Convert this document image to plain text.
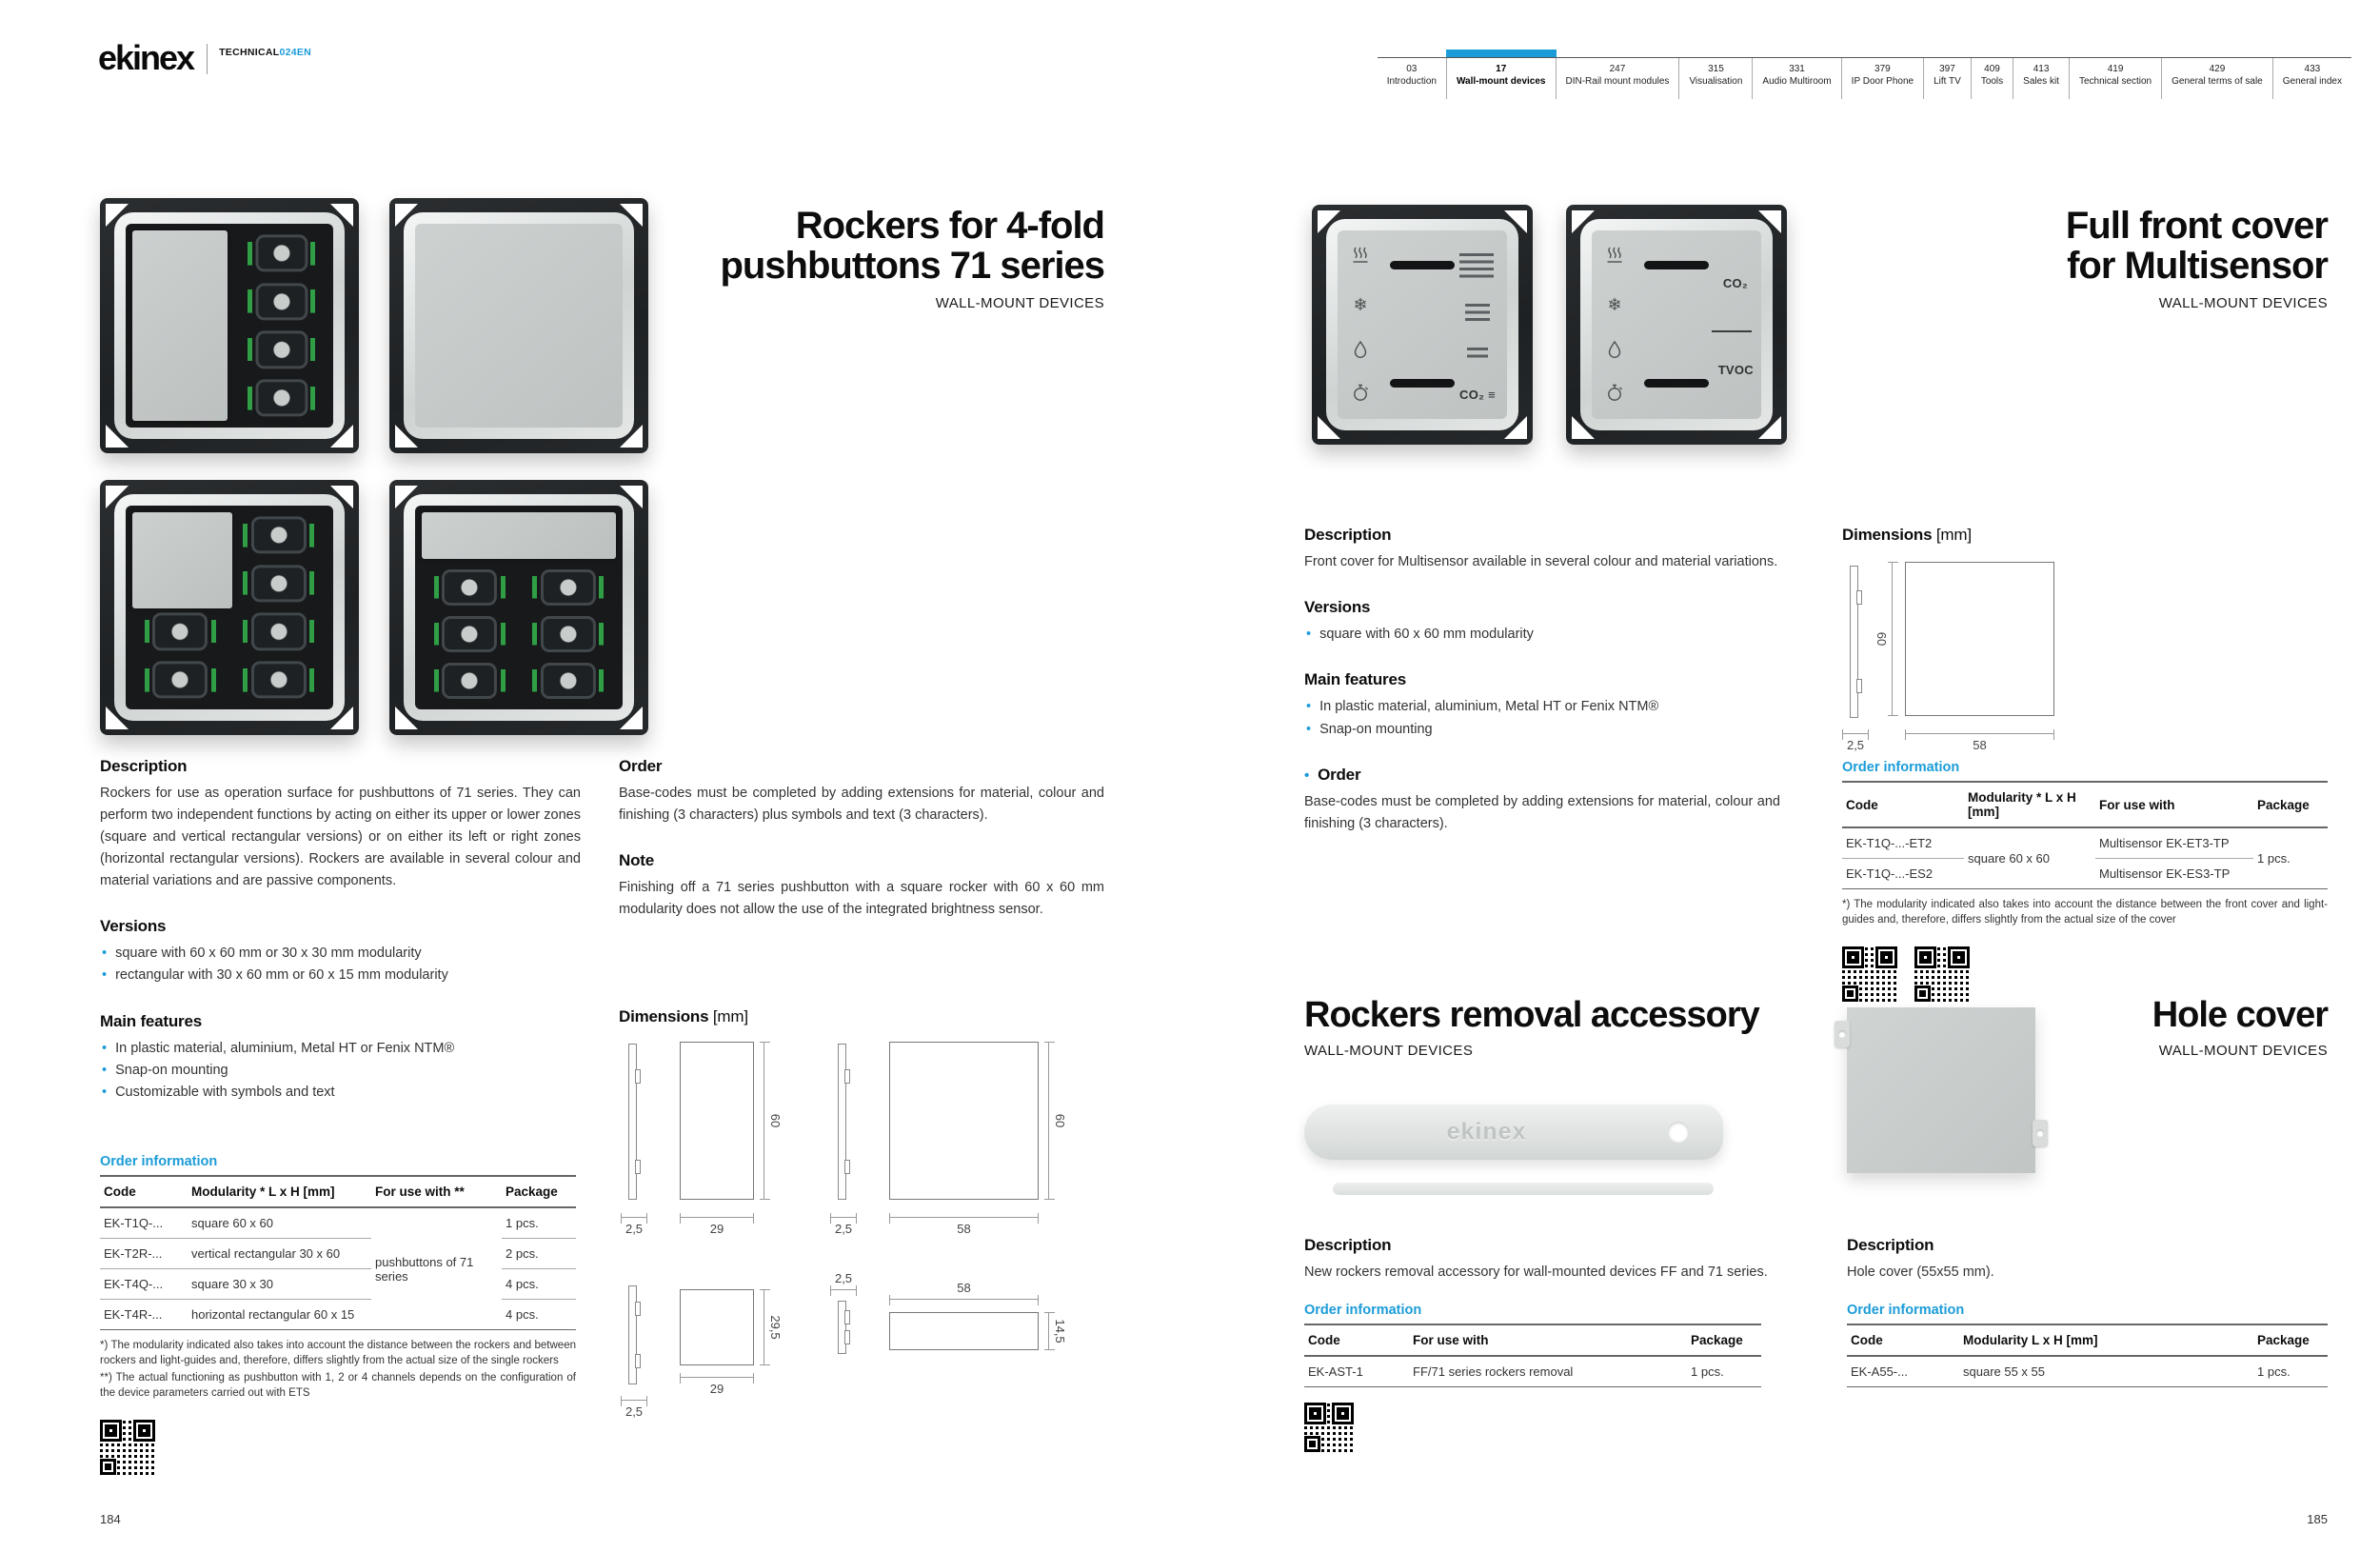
ekinex	TECHNICAL024EN
03
Introduction
17
Wall-mount devices
247
DIN-Rail mount modules
315
Visualisation
331
Audio Multiroom
379
IP Door Phone
397
Lift TV
409
Tools
413
Sales kit
419
Technical section
429
General terms of sale
433
General index
Rockers for 4-fold
pushbuttons 71 series
WALL-MOUNT DEVICES
Description
Rockers for use as operation surface for pushbuttons of 71 series. They can perform two independent functions by acting on either its upper or lower zones (square and vertical rectangular versions) or on either its left or right zones (horizontal rectangular versions). Rockers are available in several colour and material variations and are passive components.
Versions
• square with 60 x 60 mm or 30 x 30 mm modularity
• rectangular with 30 x 60 mm or 60 x 15 mm modularity
Main features
• In plastic material, aluminium, Metal HT or Fenix NTM®
• Snap-on mounting
• Customizable with symbols and text
Order
Base-codes must be completed by adding extensions for material, colour and finishing (3 characters) plus symbols and text (3 characters).
Note
Finishing off a 71 series pushbutton with a square rocker with 60 x 60 mm modularity does not allow the use of the integrated brightness sensor.
Order information
Code	Modularity * L x H [mm]	For use with **	Package
EK-T1Q-...	square 60 x 60	pushbuttons of 71 series	1 pcs.
EK-T2R-...	vertical rectangular 30 x 60		2 pcs.
EK-T4Q-...	square 30 x 30		4 pcs.
EK-T4R-...	horizontal rectangular 60 x 15		4 pcs.
*) The modularity indicated also takes into account the distance between the rockers and between rockers and light-guides and, therefore, differs slightly from the actual size of the single rockers
**) The actual functioning as pushbutton with 1, 2 or 4 channels depends on the configuration of the device parameters carried out with ETS
Dimensions [mm]
2,5
60
29	2,5
60
58
29,5
29
2,5
2,5
58
14,5
184
❄
CO₂ ≡
❄
CO₂
TVOC
Full front cover
for Multisensor
WALL-MOUNT DEVICES
Description
Front cover for Multisensor available in several colour and material variations.
Versions
• square with 60 x 60 mm modularity
Main features
• In plastic material, aluminium, Metal HT or Fenix NTM®
• Snap-on mounting
• Order
Base-codes must be completed by adding extensions for material, colour and finishing (3 characters).
Dimensions [mm]
2,5
60
58
Order information
Code	Modularity * L x H [mm]	For use with	Package
EK-T1Q-...-ET2	square 60 x 60	Multisensor EK-ET3-TP	1 pcs.
EK-T1Q-...-ES2		Multisensor EK-ES3-TP	
*) The modularity indicated also takes into account the distance between the front cover and light-guides and, therefore, differs slightly from the actual size of the cover
Rockers removal accessory
WALL-MOUNT DEVICES
ekinex
Description
New rockers removal accessory for wall-mounted devices FF and 71 series.
Order information
Code	For use with	Package
EK-AST-1	FF/71 series rockers removal	1 pcs.
Hole cover
WALL-MOUNT DEVICES
Description
Hole cover (55x55 mm).
Order information
Code	Modularity L x H [mm]	Package
EK-A55-...	square 55 x 55	1 pcs.
185
